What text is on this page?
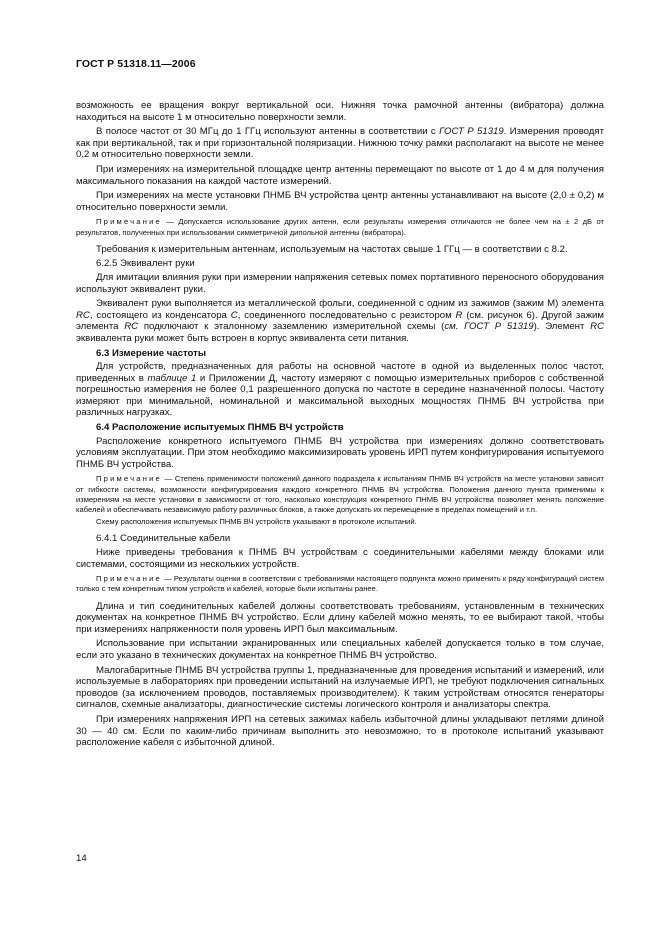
ГОСТ Р 51318.11—2006

возможность ее вращения вокруг вертикальной оси. Нижняя точка рамочной антенны (вибратора) должна находиться на высоте 1 м относительно поверхности земли.

В полосе частот от 30 МГц до 1 ГГц используют антенны в соответствии с ГОСТ Р 51319. Измерения проводят как при вертикальной, так и при горизонтальной поляризации. Нижнюю точку рамки располагают на высоте не менее 0,2 м относительно поверхности земли.

При измерениях на измерительной площадке центр антенны перемещают по высоте от 1 до 4 м для получения максимального показания на каждой частоте измерений.

При измерениях на месте установки ПНМБ ВЧ устройства центр антенны устанавливают на высоте (2,0 ± 0,2) м относительно поверхности земли.

Примечание — Допускается использование других антенн, если результаты измерения отличаются не более чем на ± 2 дБ от результатов, полученных при использовании симметричной дипольной антенны (вибратора).

Требования к измерительным антеннам, используемым на частотах свыше 1 ГГц — в соответствии с 8.2.

6.2.5 Эквивалент руки

Для имитации влияния руки при измерении напряжения сетевых помех портативного переносного оборудования используют эквивалент руки.

Эквивалент руки выполняется из металлической фольги, соединенной с одним из зажимов (зажим М) элемента RC, состоящего из конденсатора C, соединенного последовательно с резистором R (см. рисунок 6). Другой зажим элемента RC подключают к эталонному заземлению измерительной схемы (см. ГОСТ Р 51319). Элемент RC эквивалента руки может быть встроен в корпус эквивалента сети питания.

6.3 Измерение частоты

Для устройств, предназначенных для работы на основной частоте в одной из выделенных полос частот, приведенных в таблице 1 и Приложении Д, частоту измеряют с помощью измерительных приборов с собственной погрешностью измерения не более 0,1 разрешенного допуска по частоте в середине назначенной полосы. Частоту измеряют при минимальной, номинальной и максимальной выходных мощностях ПНМБ ВЧ устройства при различных нагрузках.

6.4 Расположение испытуемых ПНМБ ВЧ устройств

Расположение конкретного испытуемого ПНМБ ВЧ устройства при измерениях должно соответствовать условиям эксплуатации. При этом необходимо максимизировать уровень ИРП путем конфигурирования испытуемого ПНМБ ВЧ устройства.

Примечание — Степень применимости положений данного подраздела к испытаниям ПНМБ ВЧ устройств на месте установки зависит от гибкости системы, возможности конфигурирования каждого конкретного ПНМБ ВЧ устройства. Положения данного пункта применимы к измерениям на месте установки в зависимости от того, насколько конструкция конкретного ПНМБ ВЧ устройства позволяет менять положение кабелей и обеспечивать независимую работу различных блоков, а также допускать их перемещение в пределах помещений и т.п.

Схему расположения испытуемых ПНМБ ВЧ устройств указывают в протоколе испытаний.

6.4.1 Соединительные кабели

Ниже приведены требования к ПНМБ ВЧ устройствам с соединительными кабелями между блоками или системами, состоящими из нескольких устройств.

Примечание — Результаты оценки в соответствии с требованиями настоящего подпункта можно применить к ряду конфигураций систем только с тем конкретным типом устройств и кабелей, которые были испытаны ранее.

Длина и тип соединительных кабелей должны соответствовать требованиям, установленным в технических документах на конкретное ПНМБ ВЧ устройство. Если длину кабелей можно менять, то ее выбирают такой, чтобы при измерениях напряженности поля уровень ИРП был максимальным.

Использование при испытании экранированных или специальных кабелей допускается только в том случае, если это указано в технических документах на конкретное ПНМБ ВЧ устройство.

Малогабаритные ПНМБ ВЧ устройства группы 1, предназначенные для проведения испытаний и измерений, или используемые в лабораториях при проведении испытаний на излучаемые ИРП, не требуют подключения сигнальных проводов (за исключением проводов, поставляемых производителем). К таким устройствам относятся генераторы сигналов, схемные анализаторы, диагностические системы логического контроля и анализаторы спектра.

При измерениях напряжения ИРП на сетевых зажимах кабель избыточной длины укладывают петлями длиной 30 — 40 см. Если по каким-либо причинам выполнить это невозможно, то в протоколе испытаний указывают расположение кабеля с избыточной длиной.

14
